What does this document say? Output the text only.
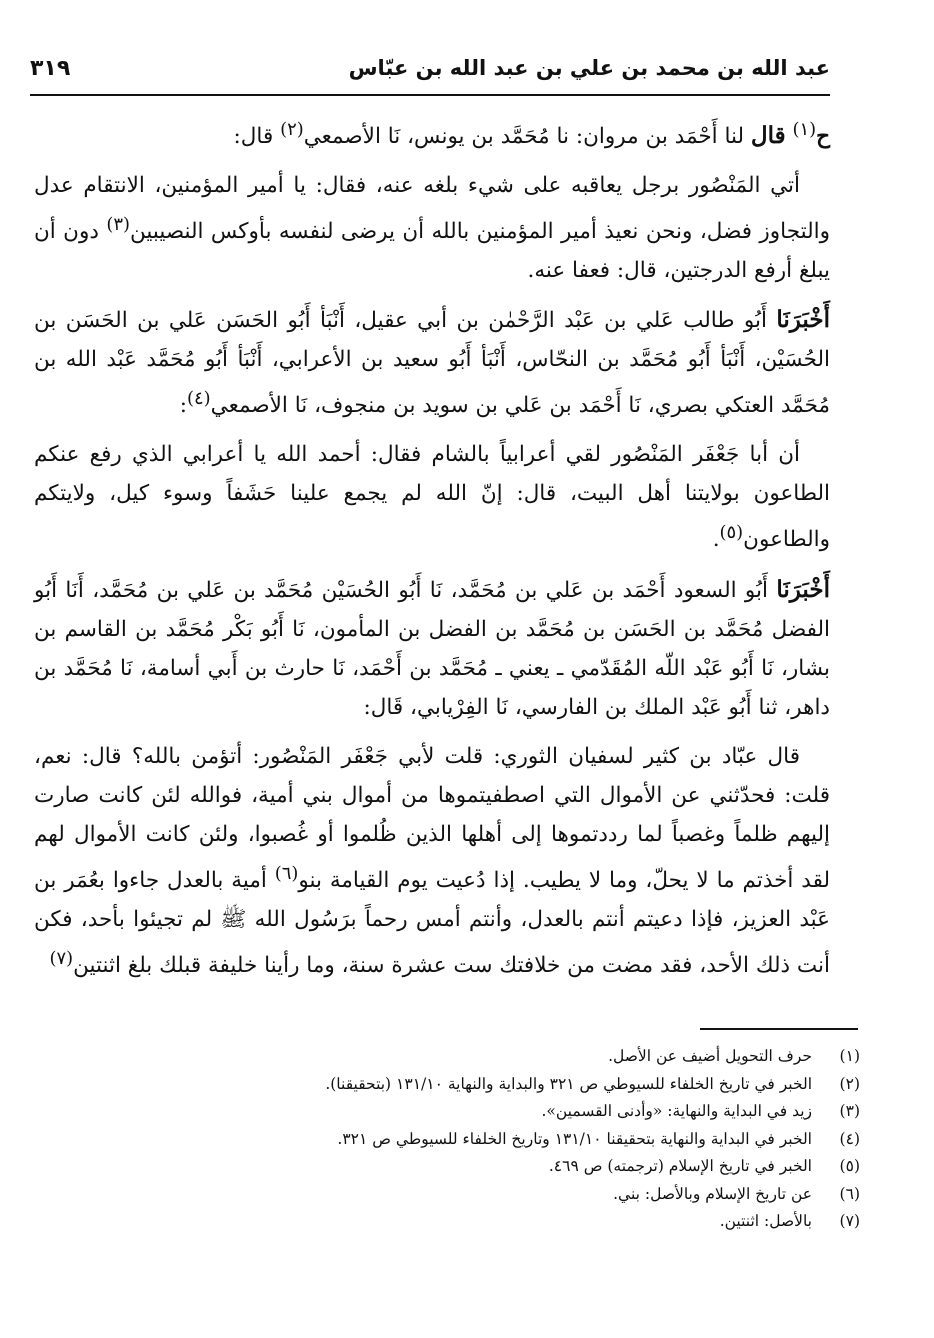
٣١٩	عبد الله بن محمد بن علي بن عبد الله بن عبّاس

ح$^{(١)}$ قال لنا أَحْمَد بن مروان: نا مُحَمَّد بن يونس، نَا الأصمعي$^{(٢)}$ قال:

أتي المَنْصُور برجل يعاقبه على شيء بلغه عنه، فقال: يا أمير المؤمنين، الانتقام عدل والتجاوز فضل، ونحن نعيذ أمير المؤمنين بالله أن يرضى لنفسه بأوكس النصيبين$^{(٣)}$ دون أن يبلغ أرفع الدرجتين، قال: فعفا عنه.

أَخْبَرَنَا أَبُو طالب عَلي بن عَبْد الرَّحْمٰن بن أبي عقيل، أَنْبَأ أَبُو الحَسَن عَلي بن الحَسَن بن الحُسَيْن، أَنْبَأ أَبُو مُحَمَّد بن النحّاس، أَنْبَأ أَبُو سعيد بن الأعرابي، أَنْبَأ أَبُو مُحَمَّد عَبْد الله بن مُحَمَّد العتكي بصري، نَا أَحْمَد بن عَلي بن سويد بن منجوف، نَا الأصمعي$^{(٤)}$:

أن أبا جَعْفَر المَنْصُور لقي أعرابياً بالشام فقال: أحمد الله يا أعرابي الذي رفع عنكم الطاعون بولايتنا أهل البيت، قال: إنّ الله لم يجمع علينا حَشَفاً وسوء كيل، ولايتكم والطاعون$^{(٥)}$.

أَخْبَرَنَا أَبُو السعود أَحْمَد بن عَلي بن مُحَمَّد، نَا أَبُو الحُسَيْن مُحَمَّد بن عَلي بن مُحَمَّد، أَنَا أَبُو الفضل مُحَمَّد بن الحَسَن بن مُحَمَّد بن الفضل بن المأمون، نَا أَبُو بَكْر مُحَمَّد بن القاسم بن بشار، نَا أَبُو عَبْد اللّه المُقَدّمي ـ يعني ـ مُحَمَّد بن أَحْمَد، نَا حارث بن أَبي أسامة، نَا مُحَمَّد بن داهر، ثنا أَبُو عَبْد الملك بن الفارسي، نَا الفِرْيابي، قَال:

قال عبّاد بن كثير لسفيان الثوري: قلت لأبي جَعْفَر المَنْصُور: أتؤمن بالله؟ قال: نعم، قلت: فحدّثني عن الأموال التي اصطفيتموها من أموال بني أمية، فوالله لئن كانت صارت إليهم ظلماً وغصباً لما رددتموها إلى أهلها الذين ظُلموا أو غُصبوا، ولئن كانت الأموال لهم لقد أخذتم ما لا يحلّ، وما لا يطيب. إذا دُعيت يوم القيامة بنو$^{(٦)}$ أمية بالعدل جاءوا بعُمَر بن عَبْد العزيز، فإذا دعيتم أنتم بالعدل، وأنتم أمس رحماً برَسُول الله ﷺ لم تجيئوا بأحد، فكن أنت ذلك الأحد، فقد مضت من خلافتك ست عشرة سنة، وما رأينا خليفة قبلك بلغ اثنتين$^{(٧)}$

(١)
حرف التحويل أضيف عن الأصل.
(٢)
الخبر في تاريخ الخلفاء للسيوطي ص ٣٢١ والبداية والنهاية ١٣١/١٠ (بتحقيقنا).
(٣)
زيد في البداية والنهاية: «وأدنى القسمين».
(٤)
الخبر في البداية والنهاية بتحقيقنا ١٣١/١٠ وتاريخ الخلفاء للسيوطي ص ٣٢١.
(٥)
الخبر في تاريخ الإسلام (ترجمته) ص ٤٦٩.
(٦)
عن تاريخ الإسلام وبالأصل: بني.
(٧)
بالأصل: اثنتين.
